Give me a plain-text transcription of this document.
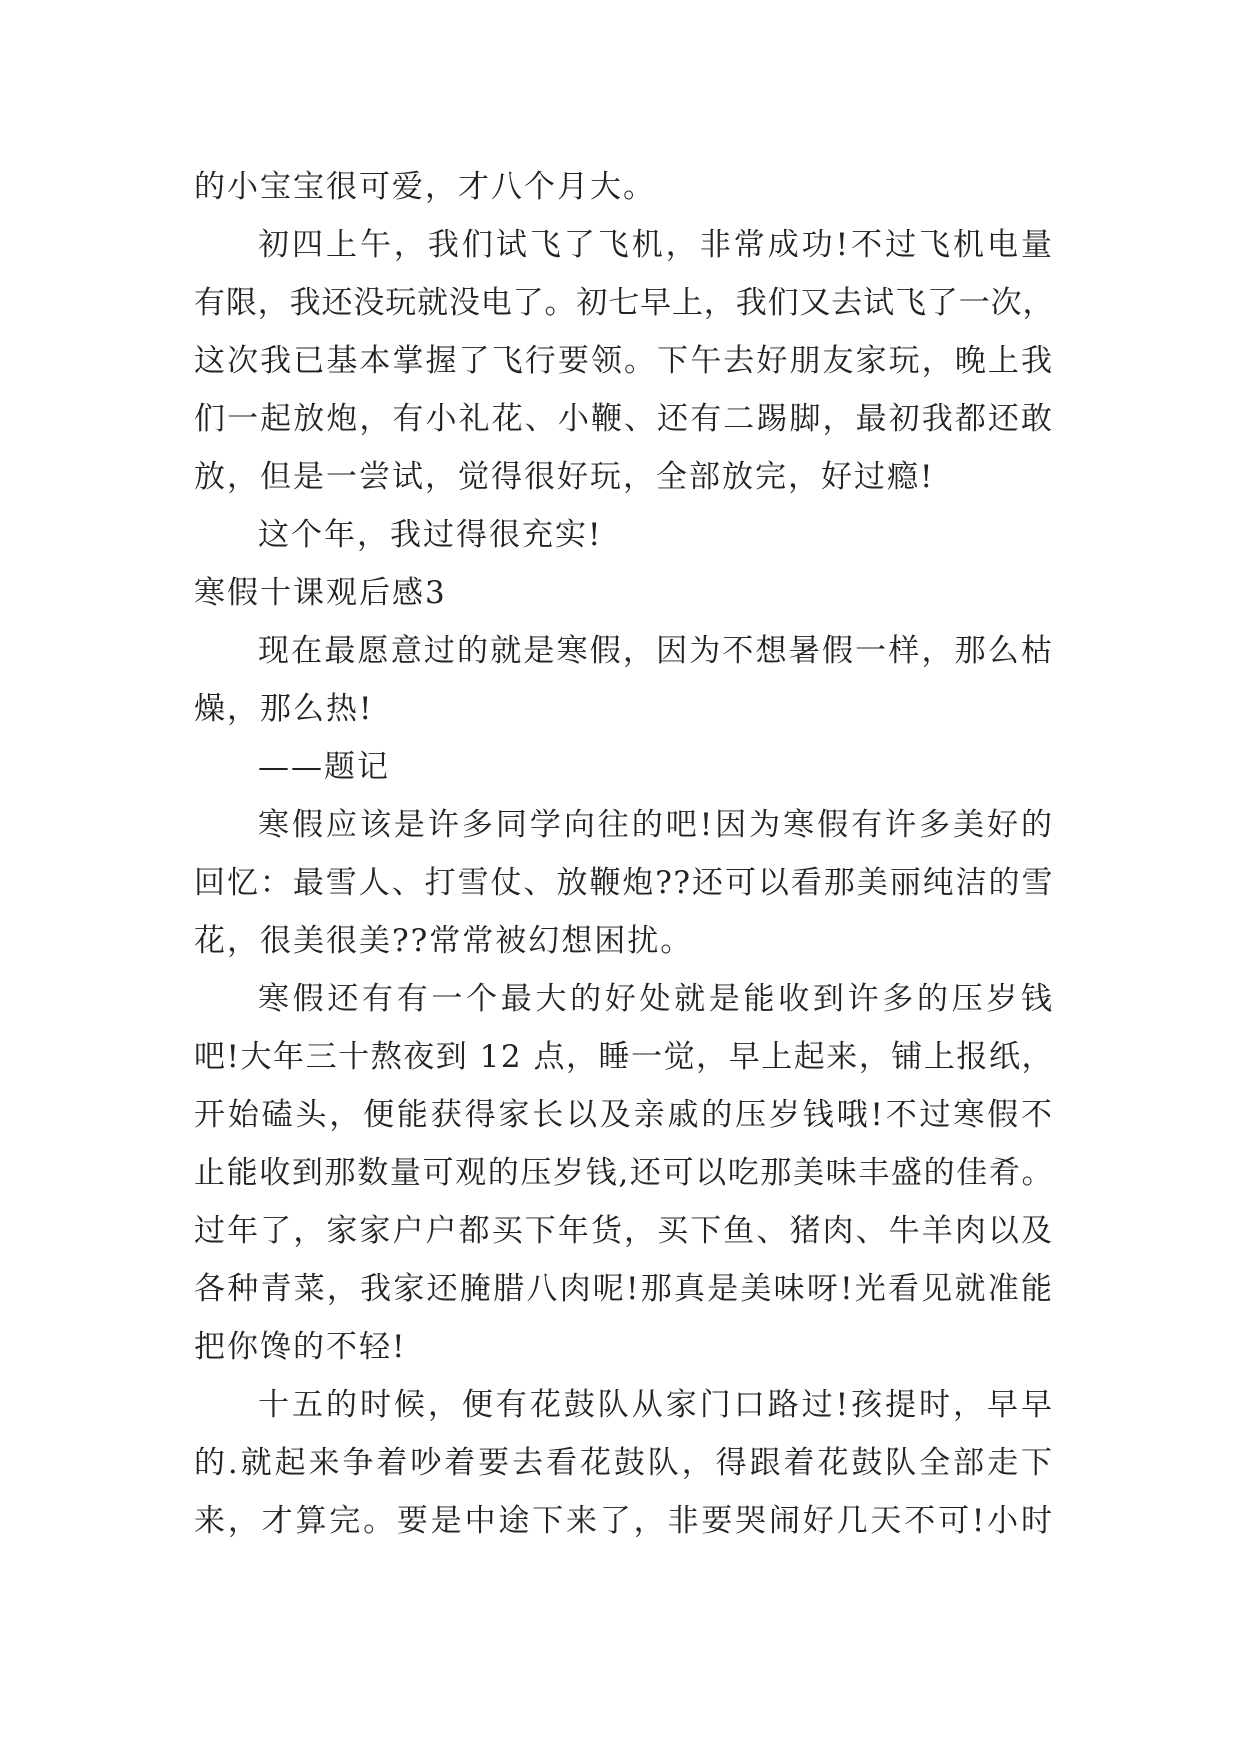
的小宝宝很可爱，才八个月大。
初四上午，我们试飞了飞机，非常成功!不过飞机电量
有限，我还没玩就没电了。初七早上，我们又去试飞了一次，
这次我已基本掌握了飞行要领。下午去好朋友家玩，晚上我
们一起放炮，有小礼花、小鞭、还有二踢脚，最初我都还敢
放，但是一尝试，觉得很好玩，全部放完，好过瘾!
这个年，我过得很充实!
寒假十课观后感3
现在最愿意过的就是寒假，因为不想暑假一样，那么枯
燥，那么热!
——题记
寒假应该是许多同学向往的吧!因为寒假有许多美好的
回忆：最雪人、打雪仗、放鞭炮??还可以看那美丽纯洁的雪
花，很美很美??常常被幻想困扰。
寒假还有有一个最大的好处就是能收到许多的压岁钱
吧!大年三十熬夜到 12 点，睡一觉，早上起来，铺上报纸，
开始磕头，便能获得家长以及亲戚的压岁钱哦!不过寒假不
止能收到那数量可观的压岁钱,还可以吃那美味丰盛的佳肴。
过年了，家家户户都买下年货，买下鱼、猪肉、牛羊肉以及
各种青菜，我家还腌腊八肉呢!那真是美味呀!光看见就准能
把你馋的不轻!
十五的时候，便有花鼓队从家门口路过!孩提时，早早
的.就起来争着吵着要去看花鼓队，得跟着花鼓队全部走下
来，才算完。要是中途下来了，非要哭闹好几天不可!小时
